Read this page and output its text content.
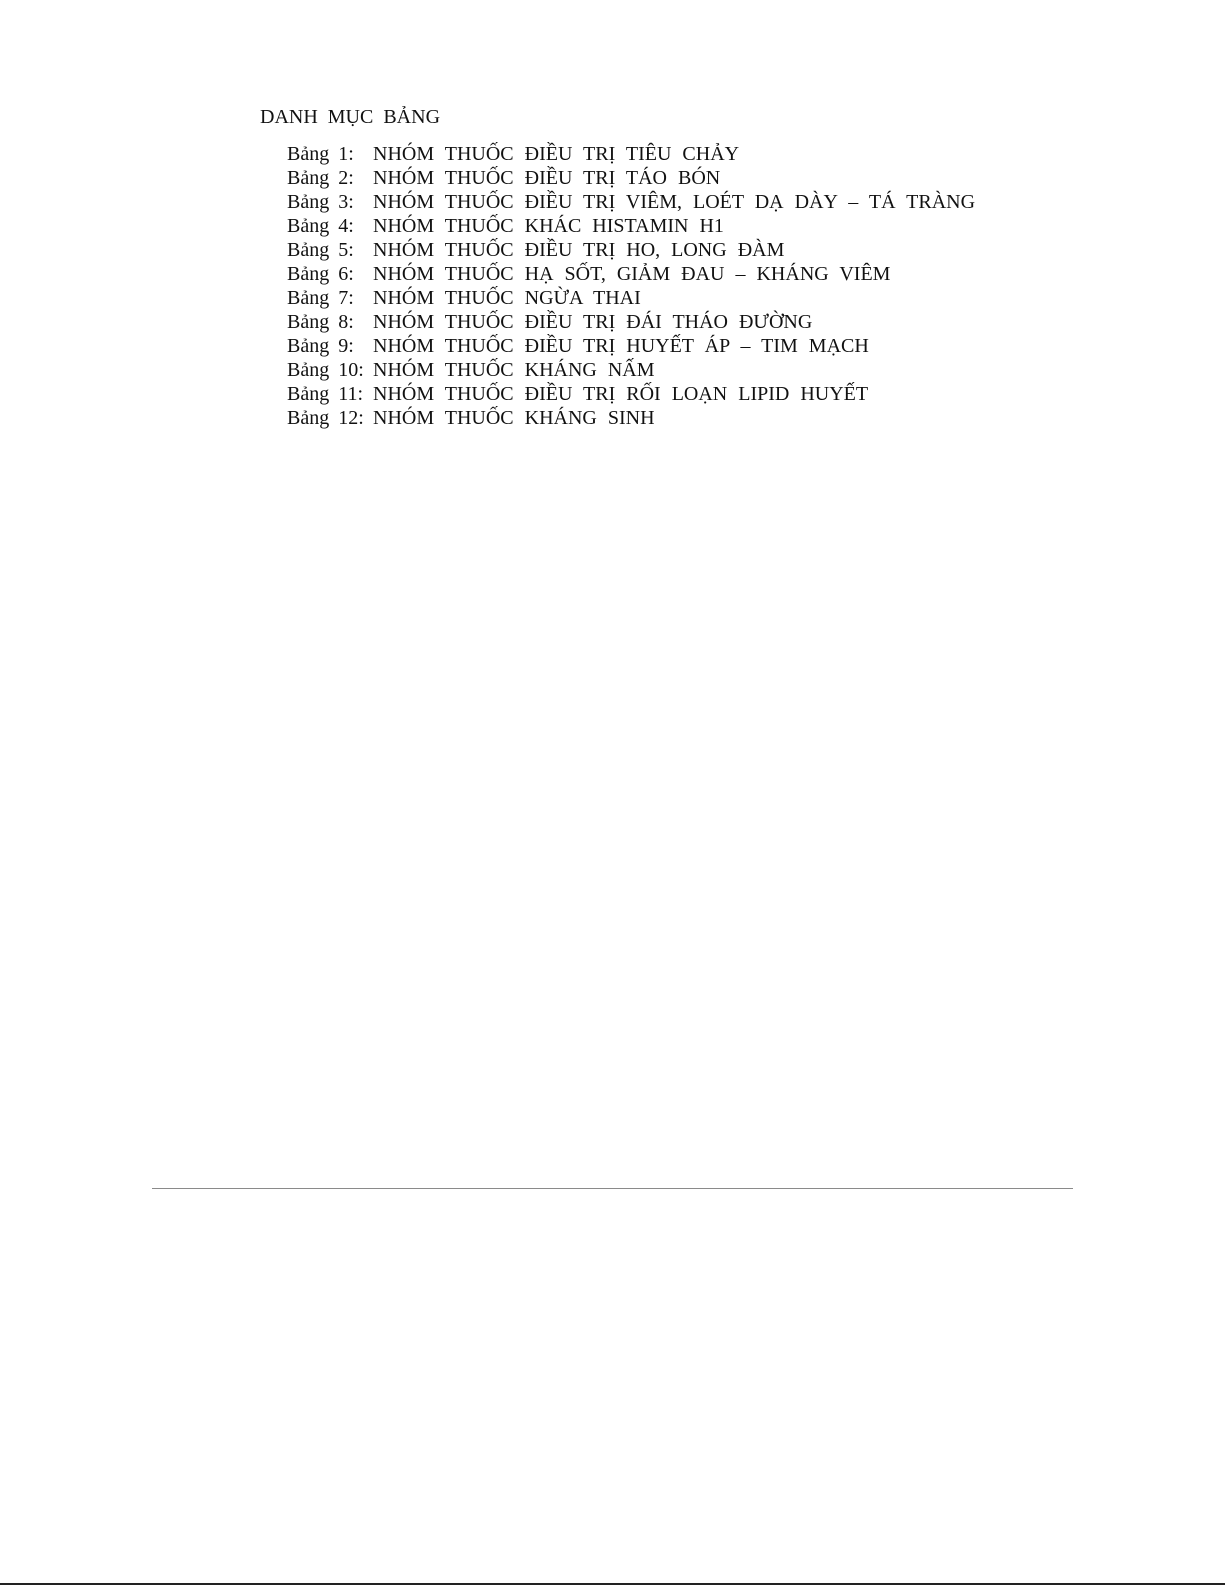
DANH MỤC BẢNG
Bảng 1: NHÓM THUỐC ĐIỀU TRỊ TIÊU CHẢY
Bảng 2: NHÓM THUỐC ĐIỀU TRỊ TÁO BÓN
Bảng 3: NHÓM THUỐC ĐIỀU TRỊ VIÊM, LOÉT DẠ DÀY – TÁ TRÀNG
Bảng 4: NHÓM THUỐC KHÁC HISTAMIN H1
Bảng 5: NHÓM THUỐC ĐIỀU TRỊ HO, LONG ĐÀM
Bảng 6: NHÓM THUỐC HẠ SỐT, GIẢM ĐAU – KHÁNG VIÊM
Bảng 7: NHÓM THUỐC NGỪA THAI
Bảng 8: NHÓM THUỐC ĐIỀU TRỊ ĐÁI THÁO ĐƯỜNG
Bảng 9: NHÓM THUỐC ĐIỀU TRỊ HUYẾT ÁP – TIM MẠCH
Bảng 10: NHÓM THUỐC KHÁNG NẤM
Bảng 11: NHÓM THUỐC ĐIỀU TRỊ RỐI LOẠN LIPID HUYẾT
Bảng 12: NHÓM THUỐC KHÁNG SINH
